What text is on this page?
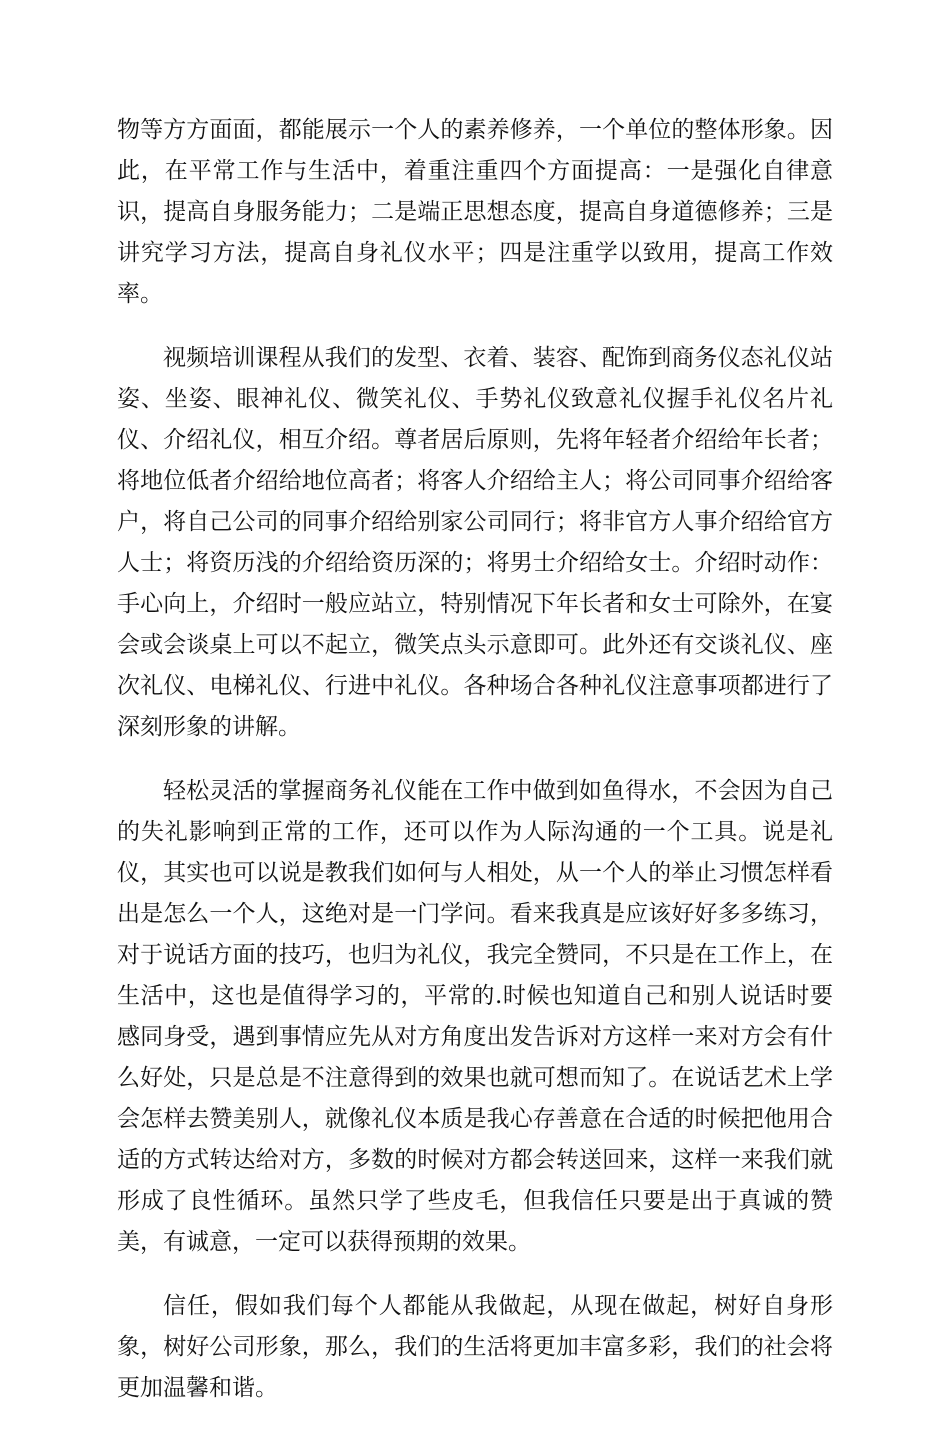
物等方方面面，都能展示一个人的素养修养，一个单位的整体形象。因此，在平常工作与生活中，着重注重四个方面提高：一是强化自律意识，提高自身服务能力；二是端正思想态度，提高自身道德修养；三是讲究学习方法，提高自身礼仪水平；四是注重学以致用，提高工作效率。

视频培训课程从我们的发型、衣着、装容、配饰到商务仪态礼仪站姿、坐姿、眼神礼仪、微笑礼仪、手势礼仪致意礼仪握手礼仪名片礼仪、介绍礼仪，相互介绍。尊者居后原则，先将年轻者介绍给年长者；将地位低者介绍给地位高者；将客人介绍给主人；将公司同事介绍给客户，将自己公司的同事介绍给别家公司同行；将非官方人事介绍给官方人士；将资历浅的介绍给资历深的；将男士介绍给女士。介绍时动作：手心向上，介绍时一般应站立，特别情况下年长者和女士可除外，在宴会或会谈桌上可以不起立，微笑点头示意即可。此外还有交谈礼仪、座次礼仪、电梯礼仪、行进中礼仪。各种场合各种礼仪注意事项都进行了深刻形象的讲解。

轻松灵活的掌握商务礼仪能在工作中做到如鱼得水，不会因为自己的失礼影响到正常的工作，还可以作为人际沟通的一个工具。说是礼仪，其实也可以说是教我们如何与人相处，从一个人的举止习惯怎样看出是怎么一个人，这绝对是一门学问。看来我真是应该好好多多练习，对于说话方面的技巧，也归为礼仪，我完全赞同，不只是在工作上，在生活中，这也是值得学习的，平常的.时候也知道自己和别人说话时要感同身受，遇到事情应先从对方角度出发告诉对方这样一来对方会有什么好处，只是总是不注意得到的效果也就可想而知了。在说话艺术上学会怎样去赞美别人，就像礼仪本质是我心存善意在合适的时候把他用合适的方式转达给对方，多数的时候对方都会转送回来，这样一来我们就形成了良性循环。虽然只学了些皮毛，但我信任只要是出于真诚的赞美，有诚意，一定可以获得预期的效果。

信任，假如我们每个人都能从我做起，从现在做起，树好自身形象，树好公司形象，那么，我们的生活将更加丰富多彩，我们的社会将更加温馨和谐。
